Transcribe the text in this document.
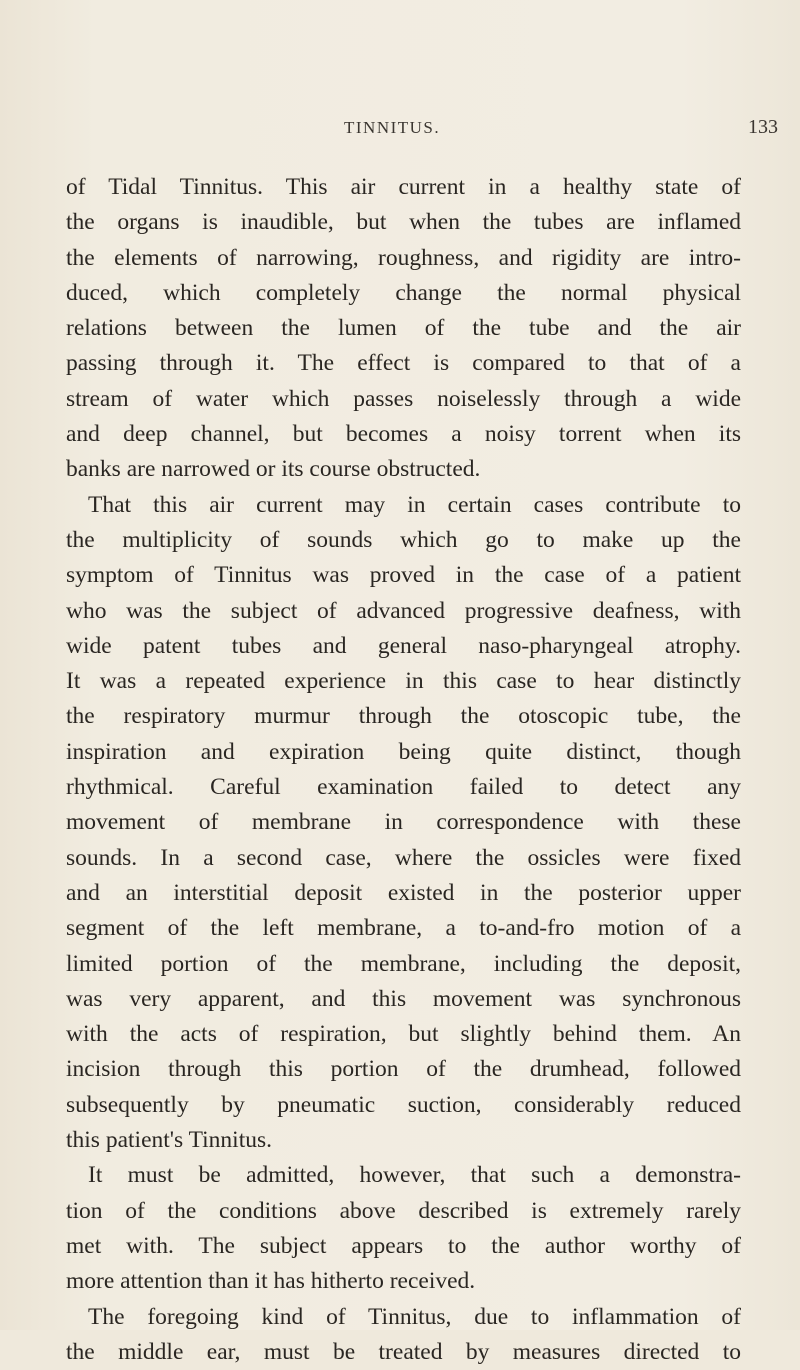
TINNITUS.	133
of Tidal Tinnitus. This air current in a healthy state of
the organs is inaudible, but when the tubes are inflamed
the elements of narrowing, roughness, and rigidity are intro-
duced, which completely change the normal physical
relations between the lumen of the tube and the air
passing through it. The effect is compared to that of a
stream of water which passes noiselessly through a wide
and deep channel, but becomes a noisy torrent when its
banks are narrowed or its course obstructed.
That this air current may in certain cases contribute to
the multiplicity of sounds which go to make up the
symptom of Tinnitus was proved in the case of a patient
who was the subject of advanced progressive deafness, with
wide patent tubes and general naso-pharyngeal atrophy.
It was a repeated experience in this case to hear distinctly
the respiratory murmur through the otoscopic tube, the
inspiration and expiration being quite distinct, though
rhythmical. Careful examination failed to detect any
movement of membrane in correspondence with these
sounds. In a second case, where the ossicles were fixed
and an interstitial deposit existed in the posterior upper
segment of the left membrane, a to-and-fro motion of a
limited portion of the membrane, including the deposit,
was very apparent, and this movement was synchronous
with the acts of respiration, but slightly behind them. An
incision through this portion of the drumhead, followed
subsequently by pneumatic suction, considerably reduced
this patient's Tinnitus.
It must be admitted, however, that such a demonstra-
tion of the conditions above described is extremely rarely
met with. The subject appears to the author worthy of
more attention than it has hitherto received.
The foregoing kind of Tinnitus, due to inflammation of
the middle ear, must be treated by measures directed to
